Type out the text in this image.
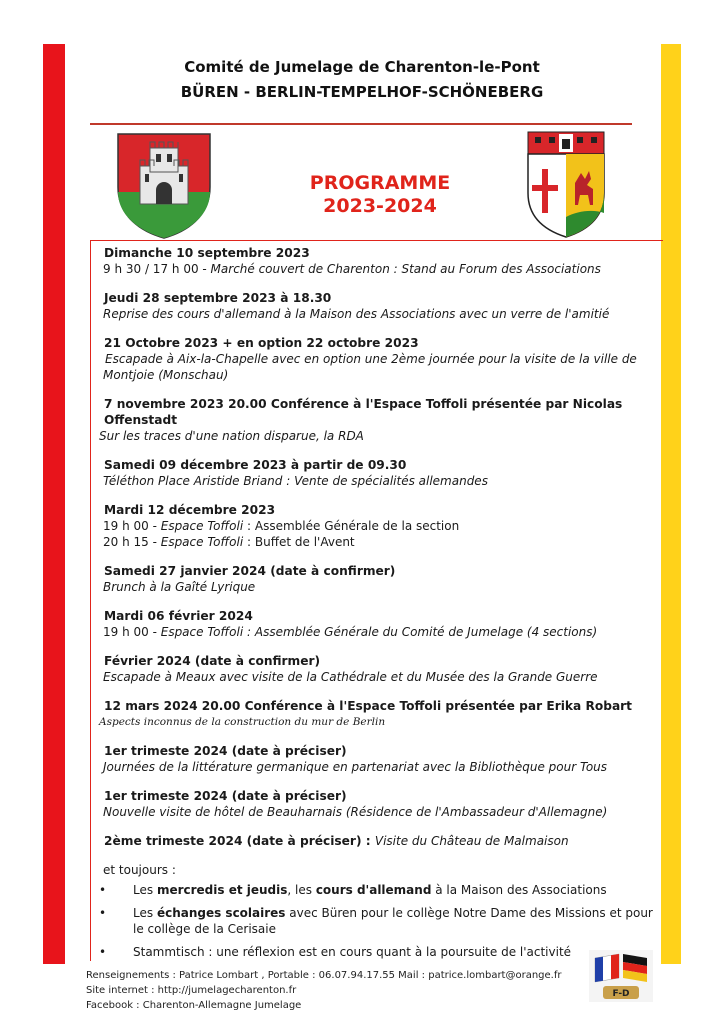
Comité de Jumelage de Charenton-le-Pont
BÜREN - BERLIN-TEMPELHOF-SCHÖNEBERG
PROGRAMME
2023-2024
Dimanche 10 septembre 2023
9 h 30 / 17 h 00 - Marché couvert de Charenton : Stand au Forum des Associations
Jeudi 28 septembre 2023 à 18.30
Reprise des cours d'allemand à la Maison des Associations avec un verre de l'amitié
21 Octobre 2023 + en option 22 octobre 2023
Escapade à Aix-la-Chapelle avec en option une 2ème journée pour la visite de la ville de Montjoie (Monschau)
7 novembre 2023 20.00 Conférence à l'Espace Toffoli présentée par Nicolas Offenstadt
Sur les traces d'une nation disparue, la RDA
Samedi 09 décembre 2023 à partir de 09.30
Téléthon Place Aristide Briand : Vente de spécialités allemandes
Mardi 12 décembre 2023
19 h 00 - Espace Toffoli : Assemblée Générale de la section
20 h 15 - Espace Toffoli : Buffet de l'Avent
Samedi 27 janvier 2024 (date à confirmer)
Brunch à la Gaîté Lyrique
Mardi 06 février 2024
19 h 00 - Espace Toffoli : Assemblée Générale du Comité de Jumelage (4 sections)
Février 2024 (date à confirmer)
Escapade à Meaux avec visite de la Cathédrale et du Musée des la Grande Guerre
12 mars 2024 20.00 Conférence à l'Espace Toffoli présentée par Erika Robart
Aspects inconnus de la construction du mur de Berlin
1er trimeste 2024 (date à préciser)
Journées de la littérature germanique en partenariat avec la Bibliothèque pour Tous
1er trimeste 2024 (date à préciser)
Nouvelle visite de hôtel de Beauharnais (Résidence de l'Ambassadeur d'Allemagne)
2ème trimeste 2024 (date à préciser) : Visite du Château de Malmaison
et toujours :
• Les mercredis et jeudis, les cours d'allemand à la Maison des Associations
• Les échanges scolaires avec Büren pour le collège Notre Dame des Missions et pour le collège de la Cerisaie
• Stammtisch : une réflexion est en cours quant à la poursuite de l'activité
Renseignements : Patrice Lombart , Portable : 06.07.94.17.55 Mail : patrice.lombart@orange.fr
Site internet : http://jumelagecharenton.fr
Facebook : Charenton-Allemagne Jumelage
F-D
